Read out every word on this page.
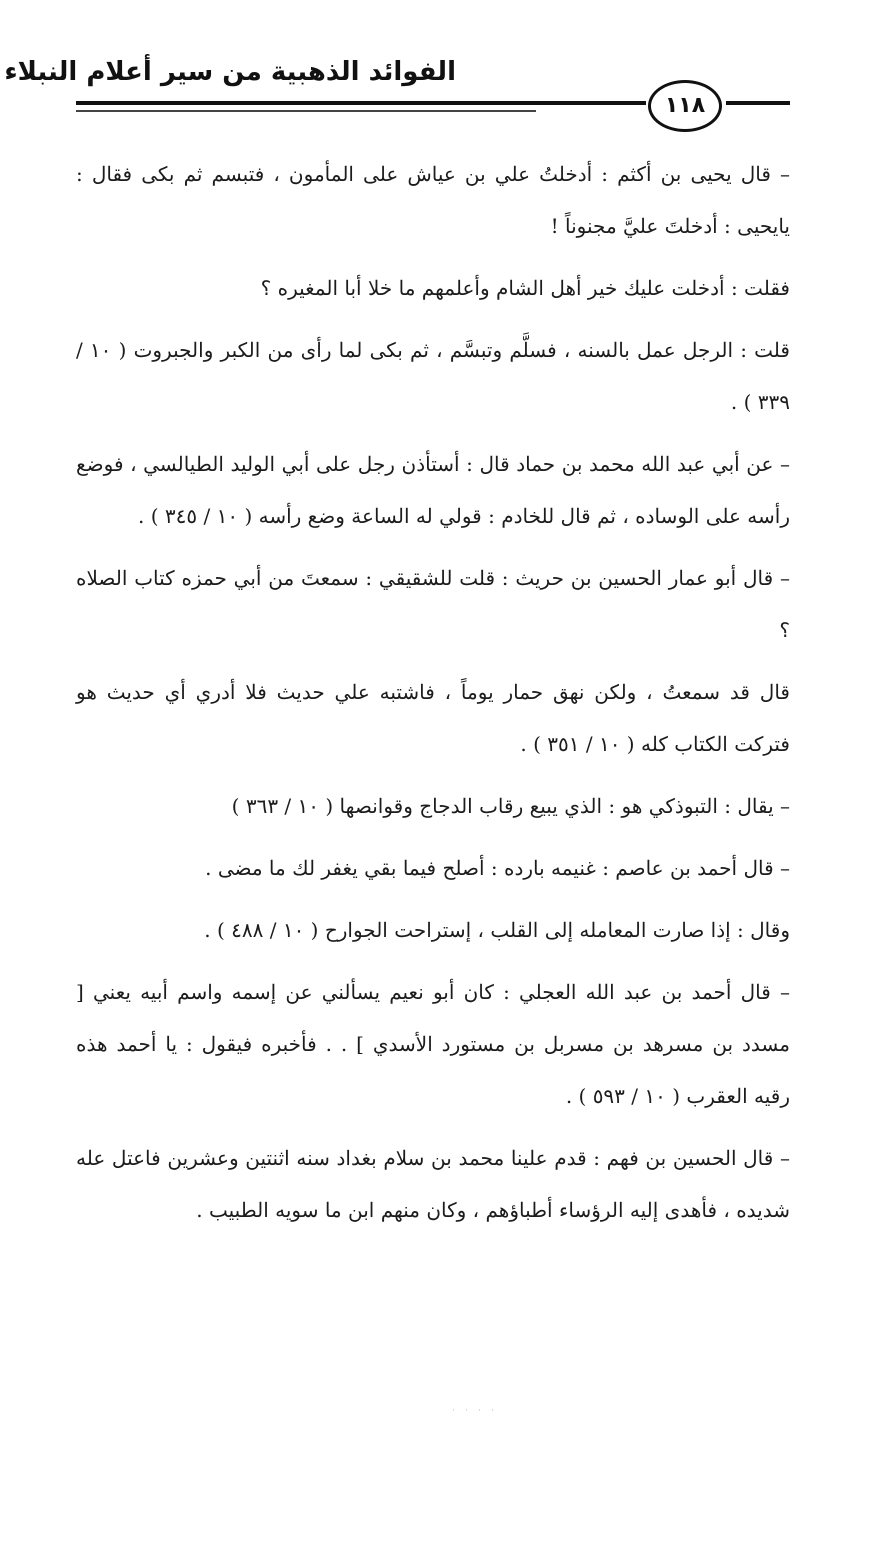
الفوائد الذهبية من سير أعلام النبلاء
١١٨

– قال يحيى بن أكثم : أدخلتُ علي بن عياش على المأمون ، فتبسم ثم بكى فقال : يايحيى : أدخلتَ عليَّ مجنوناً !

فقلت : أدخلت عليك خير أهل الشام وأعلمهم ما خلا أبا المغيره ؟

قلت : الرجل عمل بالسنه ، فسلَّم وتبسَّم ، ثم بكى لما رأى من الكبر والجبروت ( ١٠ / ٣٣٩ ) .

– عن أبي عبد الله محمد بن حماد قال : أستأذن رجل على أبي الوليد الطيالسي ، فوضع رأسه على الوساده ، ثم قال للخادم : قولي له الساعة وضع رأسه ( ١٠ / ٣٤٥ ) .

– قال أبو عمار الحسين بن حريث : قلت للشقيقي : سمعتَ من أبي حمزه كتاب الصلاه ؟

قال قد سمعتُ ، ولكن نهق حمار يوماً ، فاشتبه علي حديث فلا أدري أي حديث هو فتركت الكتاب كله ( ١٠ / ٣٥١ ) .

– يقال : التبوذكي هو : الذي يبيع رقاب الدجاج وقوانصها ( ١٠ / ٣٦٣ )

– قال أحمد بن عاصم : غنيمه بارده : أصلح فيما بقي يغفر لك ما مضى .

وقال : إذا صارت المعامله إلى القلب ، إستراحت الجوارح ( ١٠ / ٤٨٨ ) .

– قال أحمد بن عبد الله العجلي : كان أبو نعيم يسألني عن إسمه واسم أبيه يعني [ مسدد بن مسرهد بن مسربل بن مستورد الأسدي ] . . فأخبره فيقول : يا أحمد هذه رقيه العقرب ( ١٠ / ٥٩٣ ) .

– قال الحسين بن فهم : قدم علينا محمد بن سلام بغداد سنه اثنتين وعشرين فاعتل عله شديده ، فأهدى إليه الرؤساء أطباؤهم ، وكان منهم ابن ما سويه الطبيب .

· · · ·
